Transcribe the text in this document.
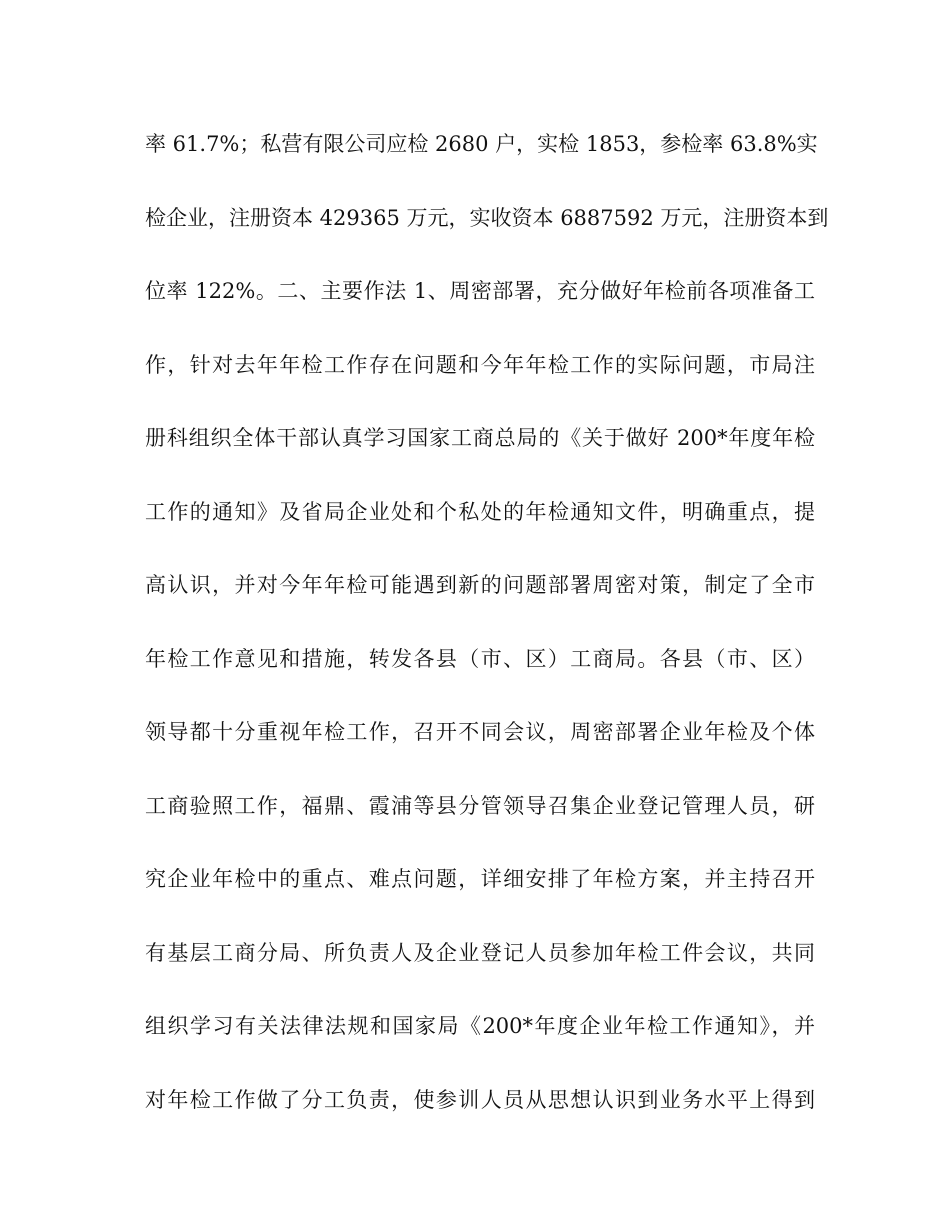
率 61.7%；私营有限公司应检 2680 户，实检 1853，参检率 63.8%实
检企业，注册资本 429365 万元，实收资本 6887592 万元，注册资本到
位率 122%。二、主要作法 1、周密部署，充分做好年检前各项准备工
作，针对去年年检工作存在问题和今年年检工作的实际问题，市局注
册科组织全体干部认真学习国家工商总局的《关于做好 200*年度年检
工作的通知》及省局企业处和个私处的年检通知文件，明确重点，提
高认识，并对今年年检可能遇到新的问题部署周密对策，制定了全市
年检工作意见和措施，转发各县（市、区）工商局。各县（市、区）
领导都十分重视年检工作，召开不同会议，周密部署企业年检及个体
工商验照工作，福鼎、霞浦等县分管领导召集企业登记管理人员，研
究企业年检中的重点、难点问题，详细安排了年检方案，并主持召开
有基层工商分局、所负责人及企业登记人员参加年检工件会议，共同
组织学习有关法律法规和国家局《200*年度企业年检工作通知》，并
对年检工作做了分工负责，使参训人员从思想认识到业务水平上得到
